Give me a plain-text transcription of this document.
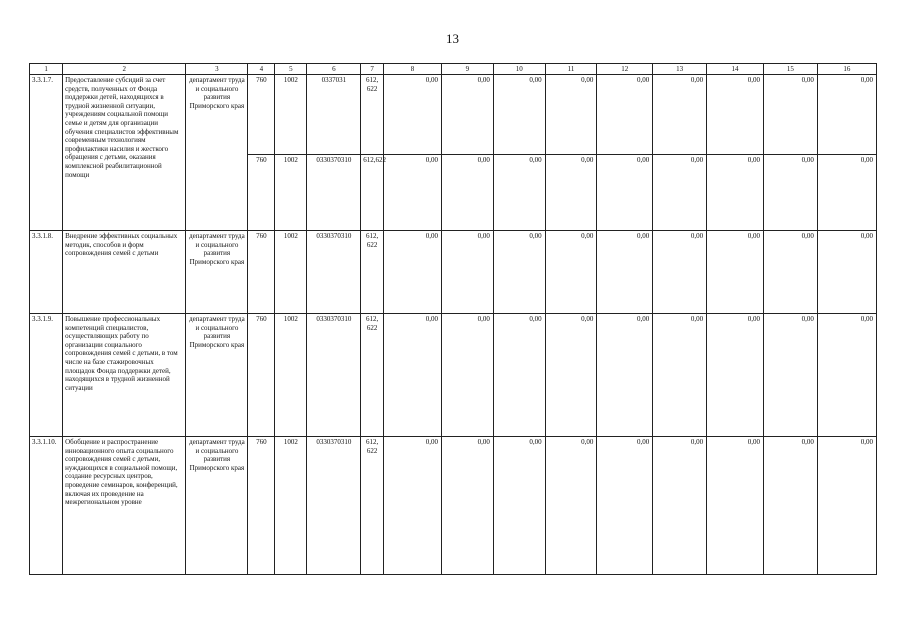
13
1	2	3	4	5	6	7	8	9	10	11	12	13	14	15	16
3.3.1.7.	Предоставление субсидий за счет средств, полученных от Фонда поддержки детей, находящихся в трудной жизненной ситуации, учреждениям социальной помощи семье и детям для организации обучения специалистов эффективным современным технологиям профилактики насилия и жесткого обращения с детьми, оказания комплексной реабилитационной помощи	департамент труда и социального развития Приморского края	760	1002	0337031	612, 622	0,00	0,00	0,00	0,00	0,00	0,00	0,00	0,00	0,00
			760	1002	0330370310	612,622	0,00	0,00	0,00	0,00	0,00	0,00	0,00	0,00	0,00
3.3.1.8.	Внедрение эффективных социальных методик, способов и форм сопровождения семей с детьми	департамент труда и социального развития Приморского края	760	1002	0330370310	612, 622	0,00	0,00	0,00	0,00	0,00	0,00	0,00	0,00	0,00
3.3.1.9.	Повышение профессиональных компетенций специалистов, осуществляющих работу по организации социального сопровождения семей с детьми, в том числе на базе стажировочных площадок Фонда поддержки детей, находящихся в трудной жизненной ситуации	департамент труда и социального развития Приморского края	760	1002	0330370310	612, 622	0,00	0,00	0,00	0,00	0,00	0,00	0,00	0,00	0,00
3.3.1.10.	Обобщение и распространение инновационного опыта социального сопровождения семей с детьми, нуждающихся в социальной помощи, создание ресурсных центров, проведение семинаров, конференций, включая их проведение на межрегиональном уровне	департамент труда и социального развития Приморского края	760	1002	0330370310	612, 622	0,00	0,00	0,00	0,00	0,00	0,00	0,00	0,00	0,00
